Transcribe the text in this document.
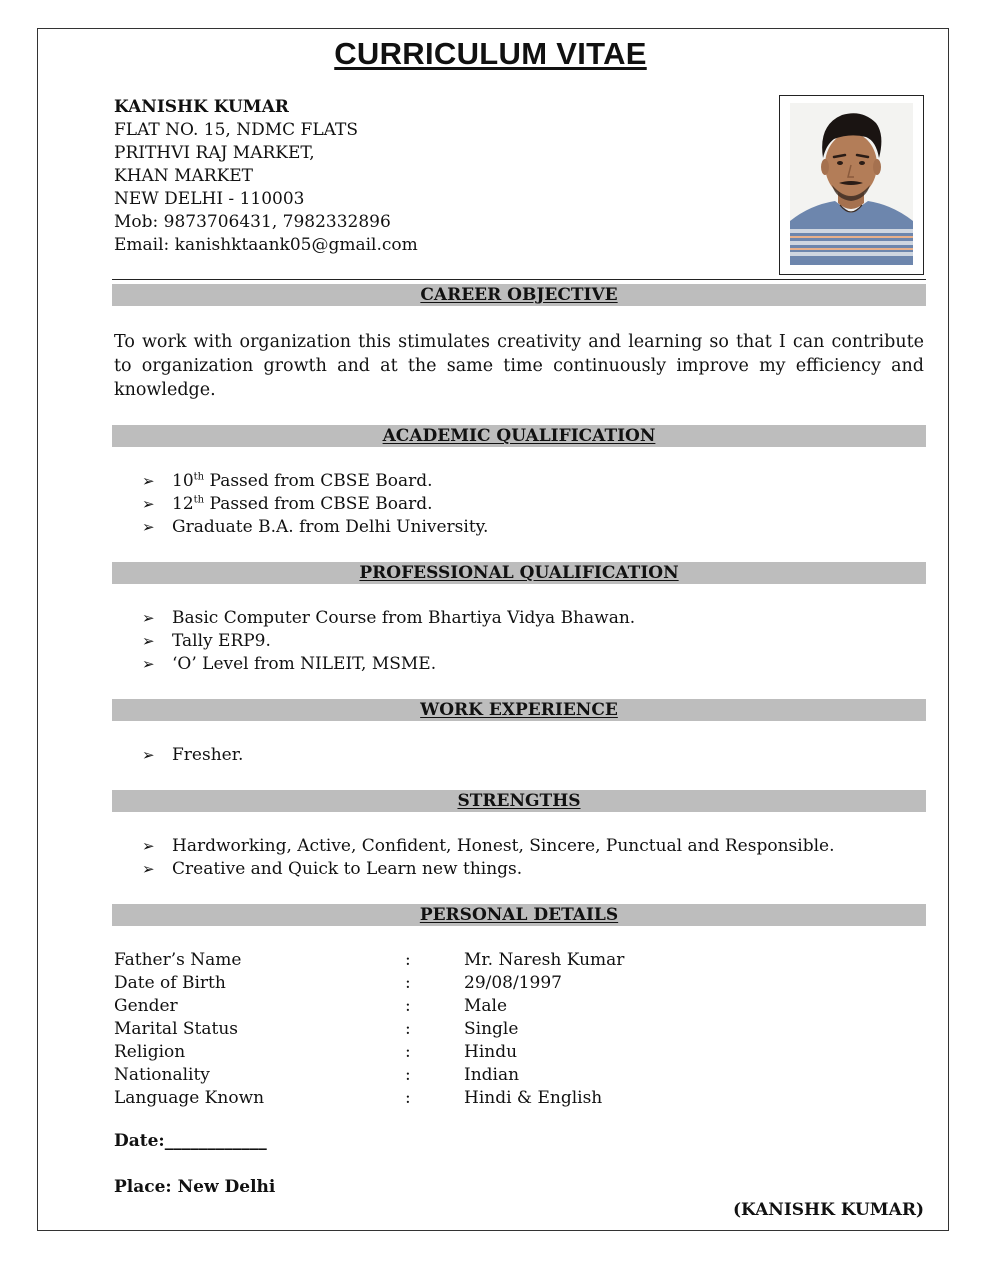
CURRICULUM VITAE
KANISHK KUMAR
FLAT NO. 15, NDMC FLATS
PRITHVI RAJ MARKET,
KHAN MARKET
NEW DELHI - 110003
Mob: 9873706431, 7982332896
Email: kanishktaank05@gmail.com
CAREER OBJECTIVE
To work with organization this stimulates creativity and learning so that I can contribute to organization growth and at the same time continuously improve my efficiency and knowledge.
ACADEMIC QUALIFICATION
➢	10th Passed from CBSE Board.
➢	12th Passed from CBSE Board.
➢	Graduate B.A. from Delhi University.
PROFESSIONAL QUALIFICATION
➢	Basic Computer Course from Bhartiya Vidya Bhawan.
➢	Tally ERP9.
➢	‘O’ Level from NILEIT, MSME.
WORK EXPERIENCE
➢	Fresher.
STRENGTHS
➢	Hardworking, Active, Confident, Honest, Sincere, Punctual and Responsible.
➢	Creative and Quick to Learn new things.
PERSONAL DETAILS
Father’s Name	:	Mr. Naresh Kumar
Date of Birth	:	29/08/1997
Gender	:	Male
Marital Status	:	Single
Religion	:	Hindu
Nationality	:	Indian
Language Known	:	Hindi & English
Date:____________
Place: New Delhi
(KANISHK KUMAR)
